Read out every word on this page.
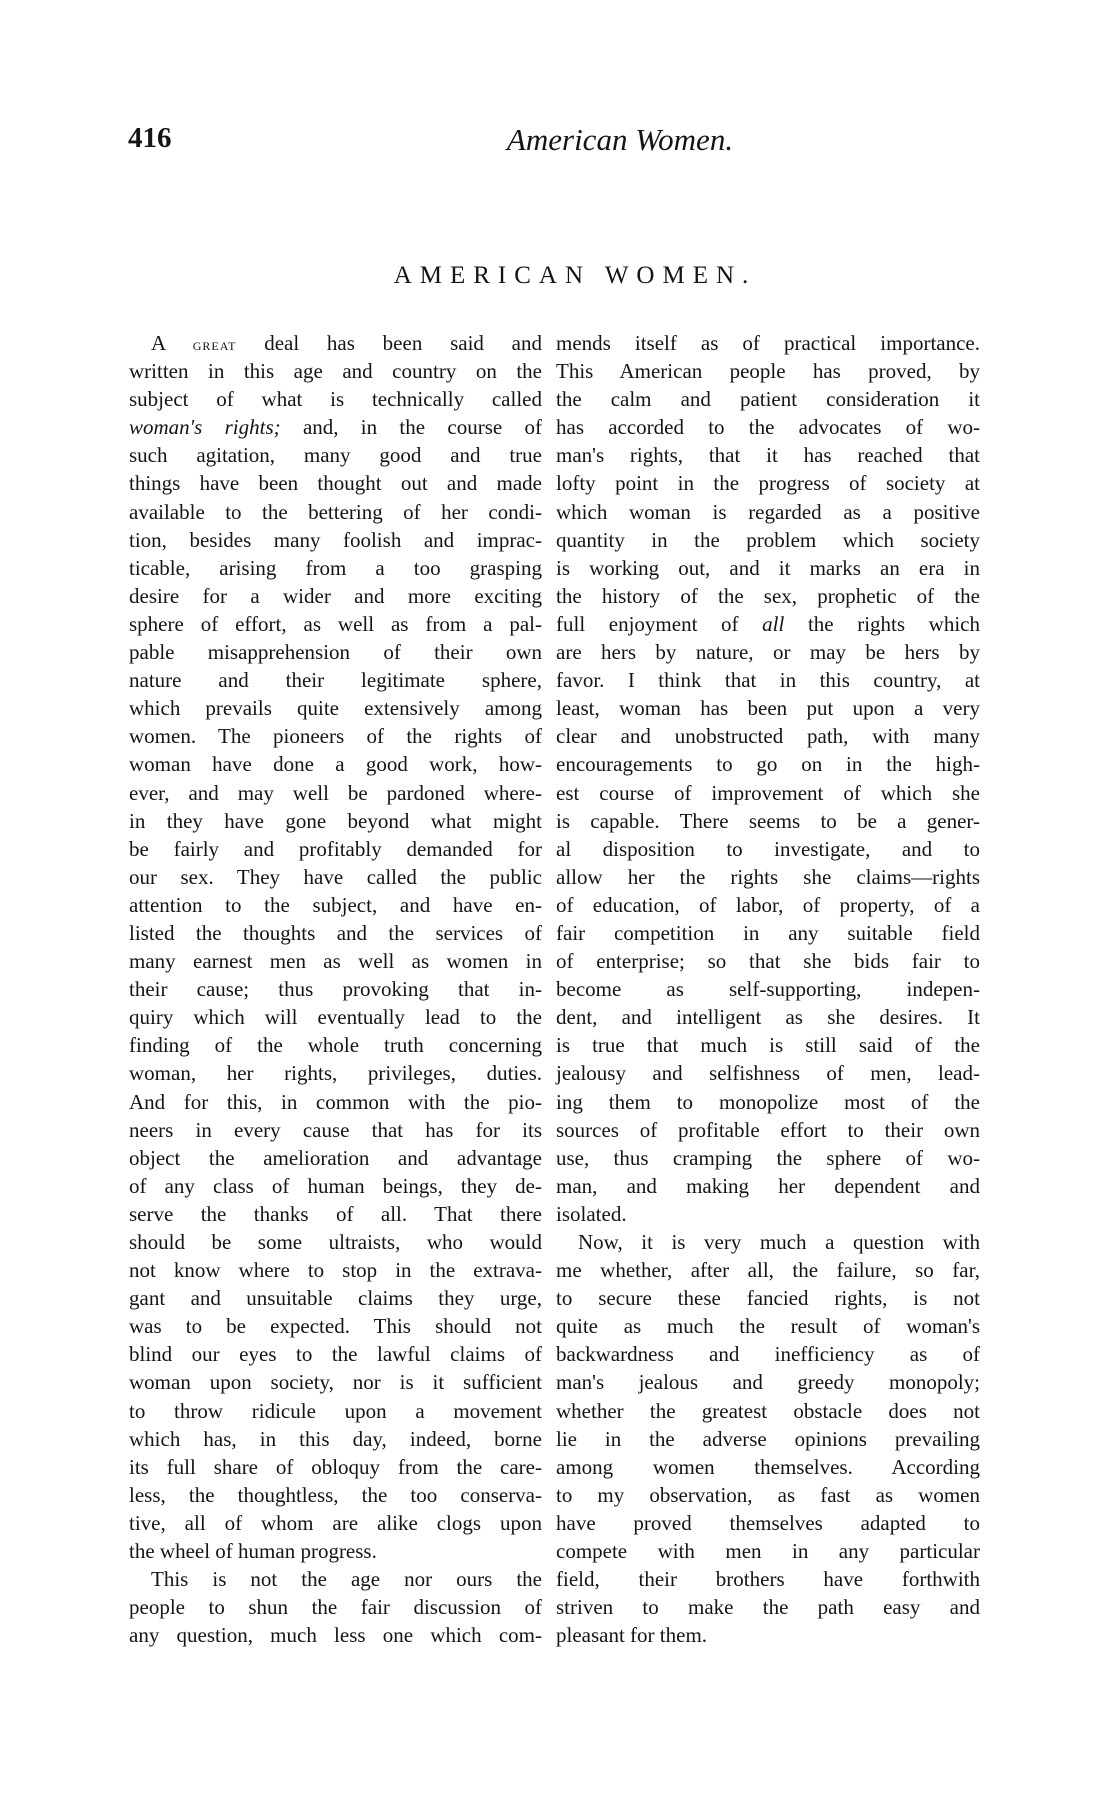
416	American Women.
AMERICAN WOMEN.
A great deal has been said and
written in this age and country on the
subject of what is technically called
woman's rights; and, in the course of
such agitation, many good and true
things have been thought out and made
available to the bettering of her condi-
tion, besides many foolish and imprac-
ticable, arising from a too grasping
desire for a wider and more exciting
sphere of effort, as well as from a pal-
pable misapprehension of their own
nature and their legitimate sphere,
which prevails quite extensively among
women. The pioneers of the rights of
woman have done a good work, how-
ever, and may well be pardoned where-
in they have gone beyond what might
be fairly and profitably demanded for
our sex. They have called the public
attention to the subject, and have en-
listed the thoughts and the services of
many earnest men as well as women in
their cause; thus provoking that in-
quiry which will eventually lead to the
finding of the whole truth concerning
woman, her rights, privileges, duties.
And for this, in common with the pio-
neers in every cause that has for its
object the amelioration and advantage
of any class of human beings, they de-
serve the thanks of all. That there
should be some ultraists, who would
not know where to stop in the extrava-
gant and unsuitable claims they urge,
was to be expected. This should not
blind our eyes to the lawful claims of
woman upon society, nor is it sufficient
to throw ridicule upon a movement
which has, in this day, indeed, borne
its full share of obloquy from the care-
less, the thoughtless, the too conserva-
tive, all of whom are alike clogs upon
the wheel of human progress.
This is not the age nor ours the
people to shun the fair discussion of
any question, much less one which com-
mends itself as of practical importance.
This American people has proved, by
the calm and patient consideration it
has accorded to the advocates of wo-
man's rights, that it has reached that
lofty point in the progress of society at
which woman is regarded as a positive
quantity in the problem which society
is working out, and it marks an era in
the history of the sex, prophetic of the
full enjoyment of all the rights which
are hers by nature, or may be hers by
favor. I think that in this country, at
least, woman has been put upon a very
clear and unobstructed path, with many
encouragements to go on in the high-
est course of improvement of which she
is capable. There seems to be a gener-
al disposition to investigate, and to
allow her the rights she claims—rights
of education, of labor, of property, of a
fair competition in any suitable field
of enterprise; so that she bids fair to
become as self-supporting, indepen-
dent, and intelligent as she desires. It
is true that much is still said of the
jealousy and selfishness of men, lead-
ing them to monopolize most of the
sources of profitable effort to their own
use, thus cramping the sphere of wo-
man, and making her dependent and
isolated.
Now, it is very much a question with
me whether, after all, the failure, so far,
to secure these fancied rights, is not
quite as much the result of woman's
backwardness and inefficiency as of
man's jealous and greedy monopoly;
whether the greatest obstacle does not
lie in the adverse opinions prevailing
among women themselves. According
to my observation, as fast as women
have proved themselves adapted to
compete with men in any particular
field, their brothers have forthwith
striven to make the path easy and
pleasant for them.
